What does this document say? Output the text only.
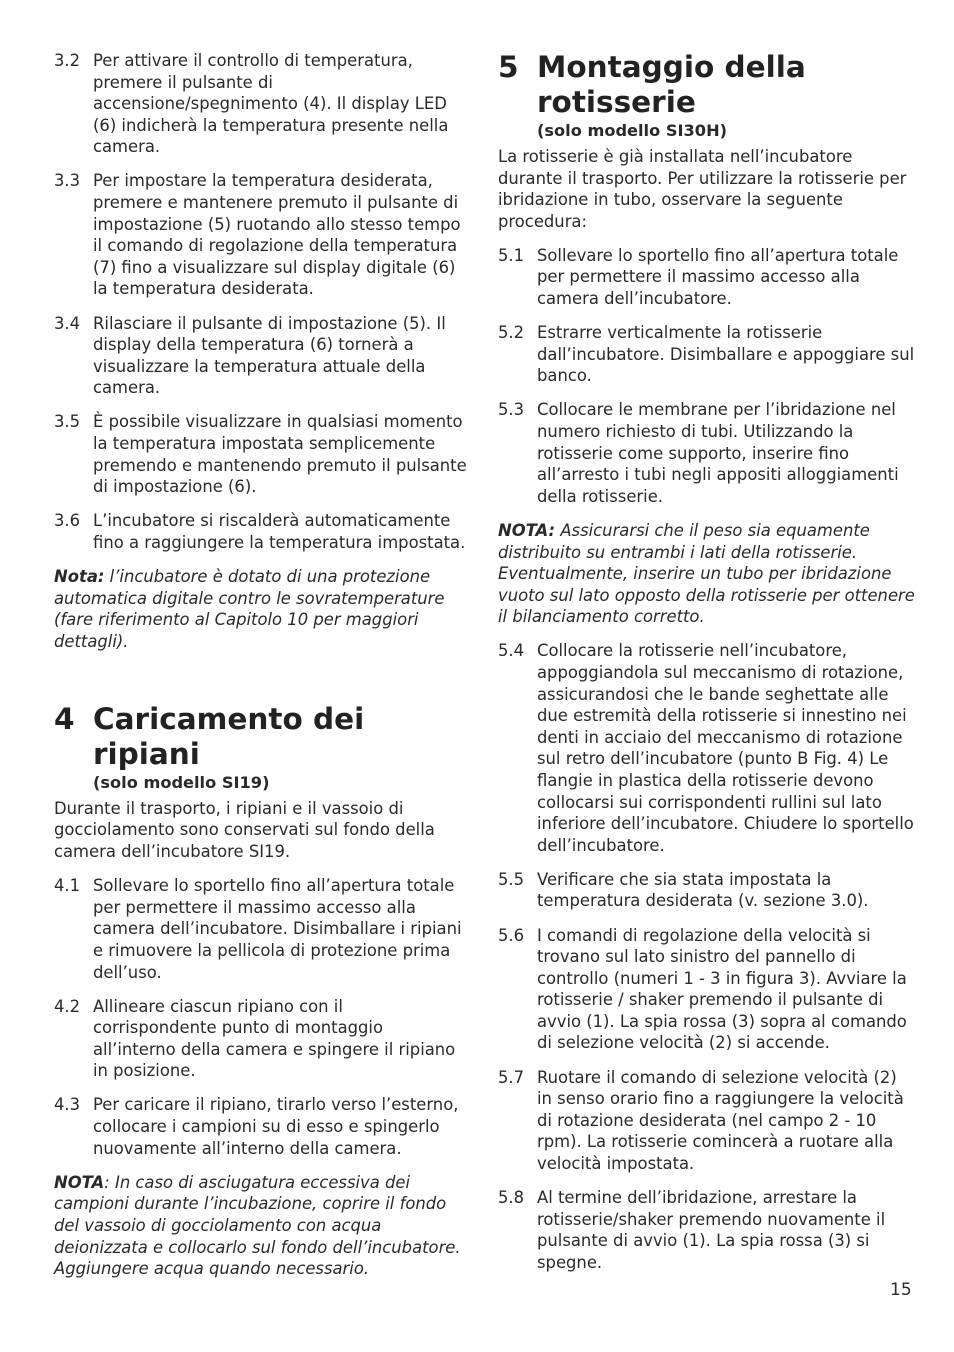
3.2 Per attivare il controllo di temperatura, premere il pulsante di accensione/spegnimento (4). Il display LED (6) indicherà la temperatura presente nella camera.
3.3 Per impostare la temperatura desiderata, premere e mantenere premuto il pulsante di impostazione (5) ruotando allo stesso tempo il comando di regolazione della temperatura (7) fino a visualizzare sul display digitale (6) la temperatura desiderata.
3.4 Rilasciare il pulsante di impostazione (5). Il display della temperatura (6) tornerà a visualizzare la temperatura attuale della camera.
3.5 È possibile visualizzare in qualsiasi momento la temperatura impostata semplicemente premendo e mantenendo premuto il pulsante di impostazione (6).
3.6 L’incubatore si riscalderà automaticamente fino a raggiungere la temperatura impostata.
Nota: l’incubatore è dotato di una protezione automatica digitale contro le sovratemperature (fare riferimento al Capitolo 10 per maggiori dettagli).
4 Caricamento dei ripiani
(solo modello SI19)
Durante il trasporto, i ripiani e il vassoio di gocciolamento sono conservati sul fondo della camera dell’incubatore SI19.
4.1 Sollevare lo sportello fino all’apertura totale per permettere il massimo accesso alla camera dell’incubatore. Disimballare i ripiani e rimuovere la pellicola di protezione prima dell’uso.
4.2 Allineare ciascun ripiano con il corrispondente punto di montaggio all’interno della camera e spingere il ripiano in posizione.
4.3 Per caricare il ripiano, tirarlo verso l’esterno, collocare i campioni su di esso e spingerlo nuovamente all’interno della camera.
NOTA: In caso di asciugatura eccessiva dei campioni durante l’incubazione, coprire il fondo del vassoio di gocciolamento con acqua deionizzata e collocarlo sul fondo dell’incubatore. Aggiungere acqua quando necessario.
5 Montaggio della
rotisserie
(solo modello SI30H)
La rotisserie è già installata nell’incubatore durante il trasporto. Per utilizzare la rotisserie per ibridazione in tubo, osservare la seguente procedura:
5.1 Sollevare lo sportello fino all’apertura totale per permettere il massimo accesso alla camera dell’incubatore.
5.2 Estrarre verticalmente la rotisserie dall’incubatore. Disimballare e appoggiare sul banco.
5.3 Collocare le membrane per l’ibridazione nel numero richiesto di tubi. Utilizzando la rotisserie come supporto, inserire fino all’arresto i tubi negli appositi alloggiamenti della rotisserie.
NOTA: Assicurarsi che il peso sia equamente distribuito su entrambi i lati della rotisserie. Eventualmente, inserire un tubo per ibridazione vuoto sul lato opposto della rotisserie per ottenere il bilanciamento corretto.
5.4 Collocare la rotisserie nell’incubatore, appoggiandola sul meccanismo di rotazione, assicurandosi che le bande seghettate alle due estremità della rotisserie si innestino nei denti in acciaio del meccanismo di rotazione sul retro dell’incubatore (punto B Fig. 4) Le flangie in plastica della rotisserie devono collocarsi sui corrispondenti rullini sul lato inferiore dell’incubatore. Chiudere lo sportello dell’incubatore.
5.5 Verificare che sia stata impostata la temperatura desiderata (v. sezione 3.0).
5.6 I comandi di regolazione della velocità si trovano sul lato sinistro del pannello di controllo (numeri 1 - 3 in figura 3). Avviare la rotisserie / shaker premendo il pulsante di avvio (1). La spia rossa (3) sopra al comando di selezione velocità (2) si accende.
5.7 Ruotare il comando di selezione velocità (2) in senso orario fino a raggiungere la velocità di rotazione desiderata (nel campo 2 - 10 rpm). La rotisserie comincerà a ruotare alla velocità impostata.
5.8 Al termine dell’ibridazione, arrestare la rotisserie/shaker premendo nuovamente il pulsante di avvio (1). La spia rossa (3) si spegne.
15
